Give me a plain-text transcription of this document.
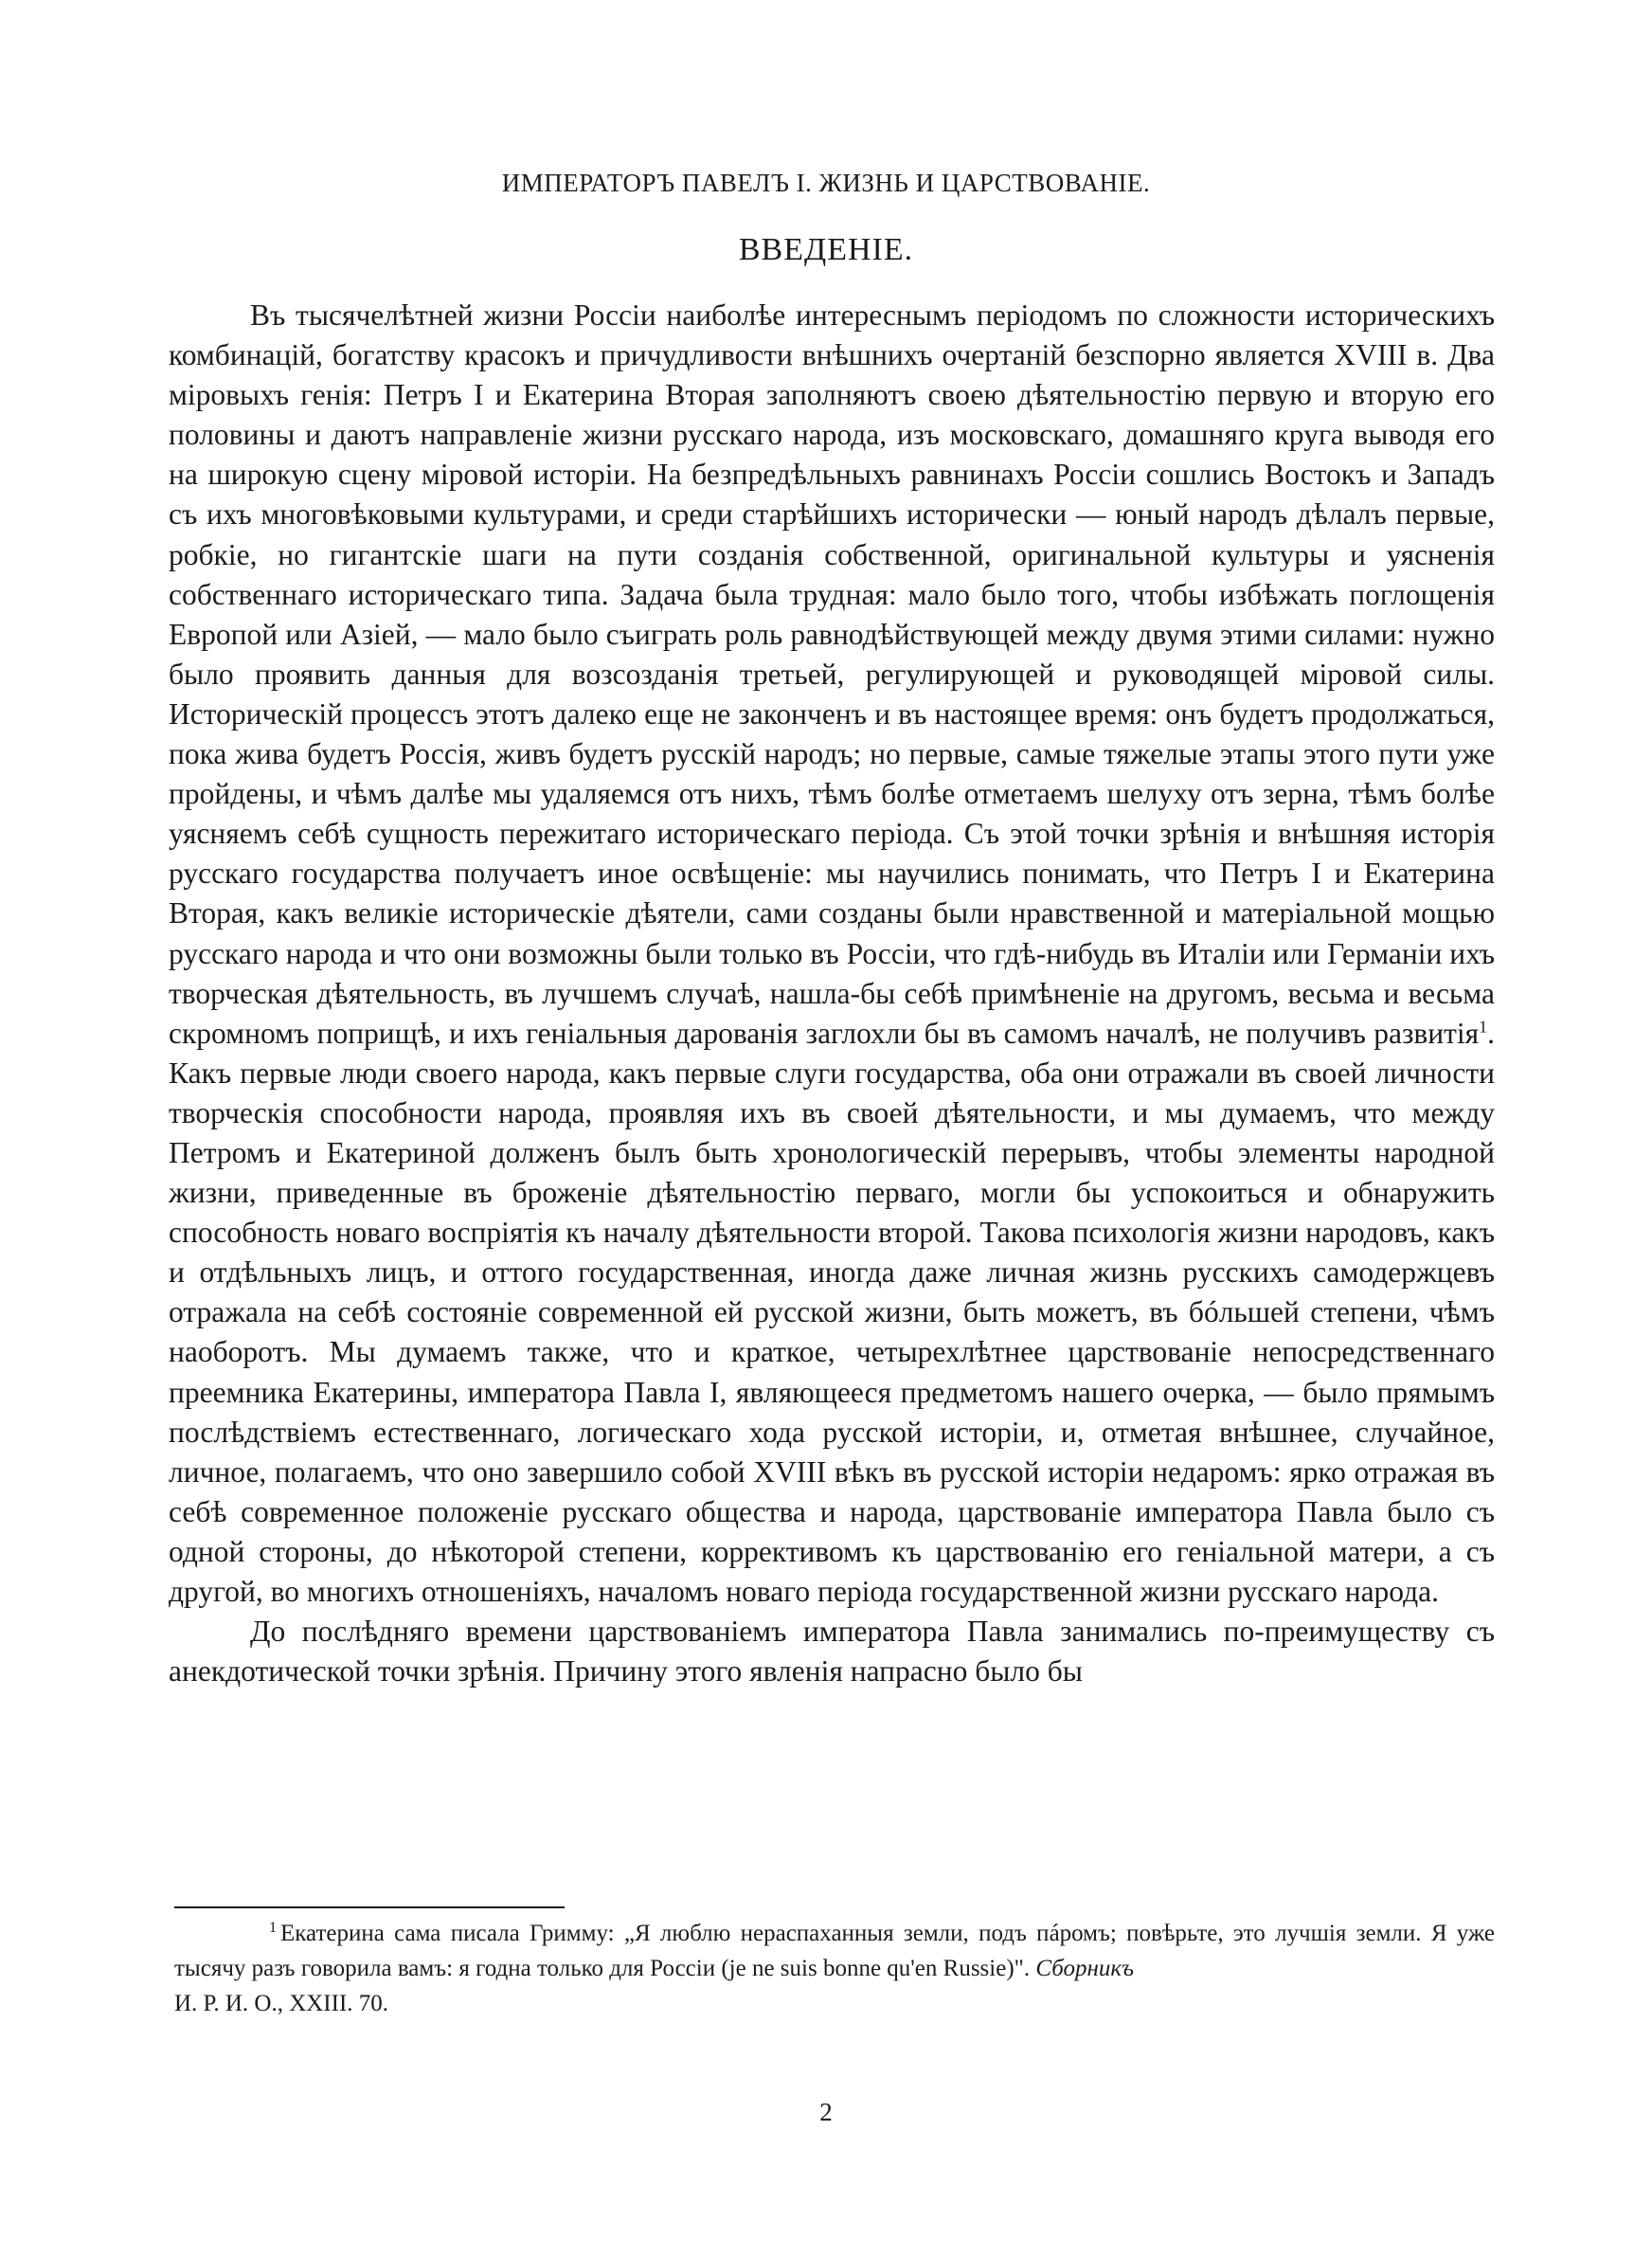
ИМПЕРАТОРЪ ПАВЕЛЪ I. ЖИЗНЬ И ЦАРСТВОВАНIЕ.
ВВЕДЕНIЕ.

Въ тысячелѣтней жизни Россiи наиболѣе интереснымъ перiодомъ по сложности историческихъ комбинацiй, богатству красокъ и причудливости внѣшнихъ очертанiй безспорно является XVIII в. Два мiровыхъ генiя: Петръ I и Екатерина Вторая заполняютъ своею дѣятельностiю первую и вторую его половины и даютъ направленiе жизни русскаго народа, изъ московскаго, домашняго круга выводя его на широкую сцену мiровой исторiи. На безпредѣльныхъ равнинахъ Россiи сошлись Востокъ и Западъ съ ихъ многовѣковыми культурами, и среди старѣйшихъ исторически — юный народъ дѣлалъ первые, робкiе, но гигантскiе шаги на пути созданiя собственной, оригинальной культуры и уясненiя собственнаго историческаго типа. Задача была трудная: мало было того, чтобы избѣжать поглощенiя Европой или Азiей, — мало было съиграть роль равнодѣйствующей между двумя этими силами: нужно было проявить данныя для возсозданiя третьей, регулирующей и руководящей мiровой силы. Историческiй процессъ этотъ далеко еще не законченъ и въ настоящее время: онъ будетъ продолжаться, пока жива будетъ Россiя, живъ будетъ русскiй народъ; но первые, самые тяжелые этапы этого пути уже пройдены, и чѣмъ далѣе мы удаляемся отъ нихъ, тѣмъ болѣе отметаемъ шелуху отъ зерна, тѣмъ болѣе уясняемъ себѣ сущность пережитаго историческаго перiода. Съ этой точки зрѣнiя и внѣшняя исторiя русскаго государства получаетъ иное освѣщенiе: мы научились понимать, что Петръ I и Екатерина Вторая, какъ великiе историческiе дѣятели, сами созданы были нравственной и матерiальной мощью русскаго народа и что они возможны были только въ Россiи, что гдѣ-нибудь въ Италiи или Германiи ихъ творческая дѣятельность, въ лучшемъ случаѣ, нашла-бы себѣ примѣненiе на другомъ, весьма и весьма скромномъ поприщѣ, и ихъ генiальныя дарованiя заглохли бы въ самомъ началѣ, не получивъ развитiя$^1$. Какъ первые люди своего народа, какъ первые слуги государства, оба они отражали въ своей личности творческiя способности народа, проявляя ихъ въ своей дѣятельности, и мы думаемъ, что между Петромъ и Екатериной долженъ былъ быть хронологическiй перерывъ, чтобы элементы народной жизни, приведенные въ броженiе дѣятельностiю перваго, могли бы успокоиться и обнаружить способность новаго воспрiятiя къ началу дѣятельности второй. Такова психологiя жизни народовъ, какъ и отдѣльныхъ лицъ, и оттого государственная, иногда даже личная жизнь русскихъ самодержцевъ отражала на себѣ состоянiе современной ей русской жизни, быть можетъ, въ бóльшей степени, чѣмъ наоборотъ. Мы думаемъ также, что и краткое, четырехлѣтнее царствованiе непосредственнаго преемника Екатерины, императора Павла I, являющееся предметомъ нашего очерка, — было прямымъ послѣдствiемъ естественнаго, логическаго хода русской исторiи, и, отметая внѣшнее, случайное, личное, полагаемъ, что оно завершило собой XVIII вѣкъ въ русской исторiи недаромъ: ярко отражая въ себѣ современное положенiе русскаго общества и народа, царствованiе императора Павла было съ одной стороны, до нѣкоторой степени, коррективомъ къ царствованiю его генiальной матери, а съ другой, во многихъ отношенiяхъ, началомъ новаго перiода государственной жизни русскаго народа.

До послѣдняго времени царствованiемъ императора Павла занимались по-преимуществу съ анекдотической точки зрѣнiя. Причину этого явленiя напрасно было бы

$^1$ Екатерина сама писала Гримму: „Я люблю нераспаханныя земли, подъ пáромъ; повѣрьте, это лучшiя земли. Я уже тысячу разъ говорила вамъ: я годна только для Россiи (je ne suis bonne qu'en Russie)". Сборникъ
И. Р. И. О., XXIII. 70.
2
